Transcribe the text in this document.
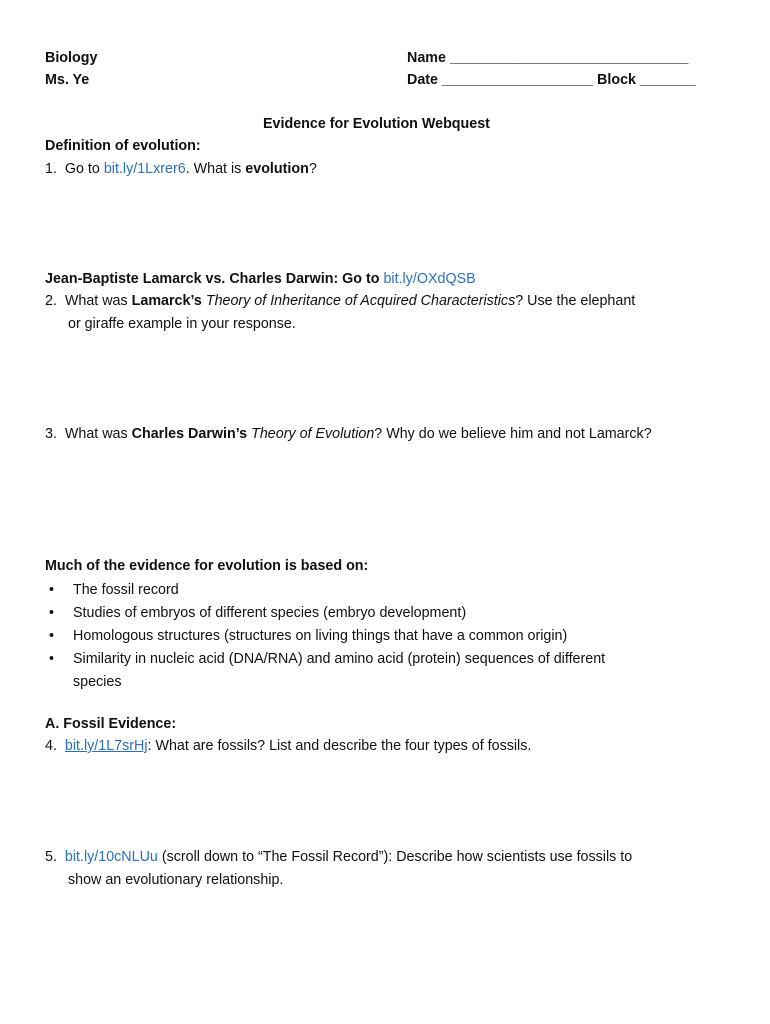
Biology
Ms. Ye
Name ______________________________
Date ___________________ Block _______
Evidence for Evolution Webquest
Definition of evolution:
1. Go to bit.ly/1Lxrer6. What is evolution?
Jean-Baptiste Lamarck vs. Charles Darwin: Go to bit.ly/OXdQSB
2. What was Lamarck’s Theory of Inheritance of Acquired Characteristics? Use the elephant
or giraffe example in your response.
3. What was Charles Darwin’s Theory of Evolution? Why do we believe him and not Lamarck?
Much of the evidence for evolution is based on:
• The fossil record
• Studies of embryos of different species (embryo development)
• Homologous structures (structures on living things that have a common origin)
• Similarity in nucleic acid (DNA/RNA) and amino acid (protein) sequences of different
species
A. Fossil Evidence:
4. bit.ly/1L7srHj: What are fossils? List and describe the four types of fossils.
5. bit.ly/10cNLUu (scroll down to “The Fossil Record”): Describe how scientists use fossils to
show an evolutionary relationship.
